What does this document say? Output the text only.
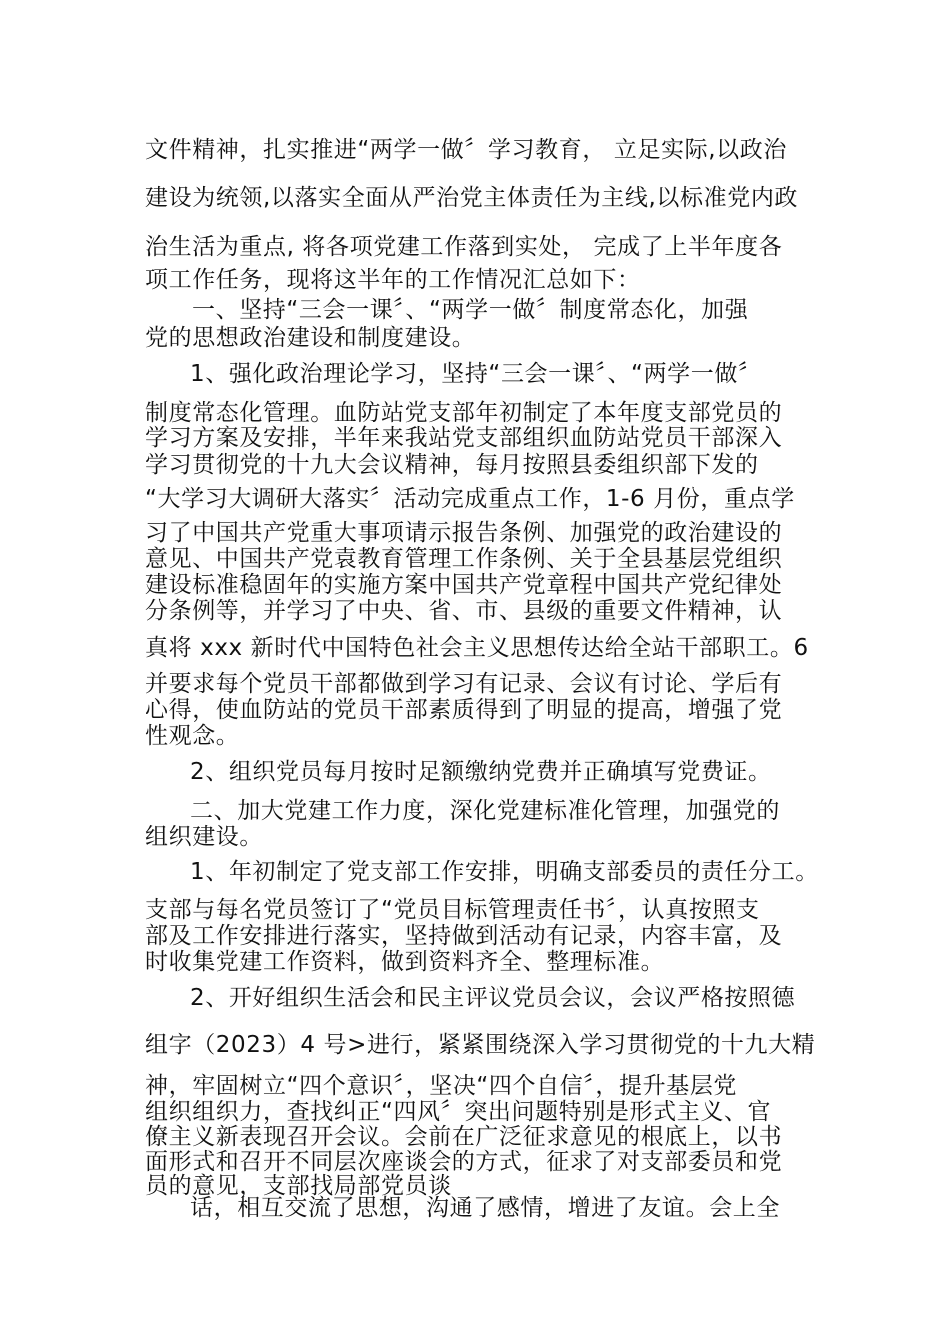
文件精神，扎实推进“两学一做〞学习教育， 立足实际,以政治
建设为统领,以落实全面从严治党主体责任为主线,以标准党内政
治生活为重点, 将各项党建工作落到实处， 完成了上半年度各
项工作任务，现将这半年的工作情况汇总如下：
一、坚持“三会一课〞、“两学一做〞制度常态化，加强
党的思想政治建设和制度建设。
1、强化政治理论学习，坚持“三会一课〞、“两学一做〞
制度常态化管理。血防站党支部年初制定了本年度支部党员的
学习方案及安排，半年来我站党支部组织血防站党员干部深入
学习贯彻党的十九大会议精神，每月按照县委组织部下发的
“大学习大调研大落实〞活动完成重点工作，1-6 月份，重点学
习了中国共产党重大事项请示报告条例、加强党的政治建设的
意见、中国共产党袁教育管理工作条例、关于全县基层党组织
建设标准稳固年的实施方案中国共产党章程中国共产党纪律处
分条例等，并学习了中央、省、市、县级的重要文件精神，认
真将 xxx 新时代中国特色社会主义思想传达给全站干部职工。6
并要求每个党员干部都做到学习有记录、会议有讨论、学后有
心得，使血防站的党员干部素质得到了明显的提高，增强了党
性观念。
2、组织党员每月按时足额缴纳党费并正确填写党费证。
二、加大党建工作力度，深化党建标准化管理，加强党的
组织建设。
1、年初制定了党支部工作安排，明确支部委员的责任分工。
支部与每名党员签订了“党员目标管理责任书〞，认真按照支
部及工作安排进行落实，坚持做到活动有记录，内容丰富，及
时收集党建工作资料，做到资料齐全、整理标准。
2、开好组织生活会和民主评议党员会议，会议严格按照德
组字（2023）4 号>进行，紧紧围绕深入学习贯彻党的十九大精
神，牢固树立“四个意识〞，坚决“四个自信〞，提升基层党
组织组织力，查找纠正“四风〞突出问题特别是形式主义、官
僚主义新表现召开会议。会前在广泛征求意见的根底上，以书
面形式和召开不同层次座谈会的方式，征求了对支部委员和党
员的意见，支部找局部党员谈
话，相互交流了思想，沟通了感情，增进了友谊。会上全
